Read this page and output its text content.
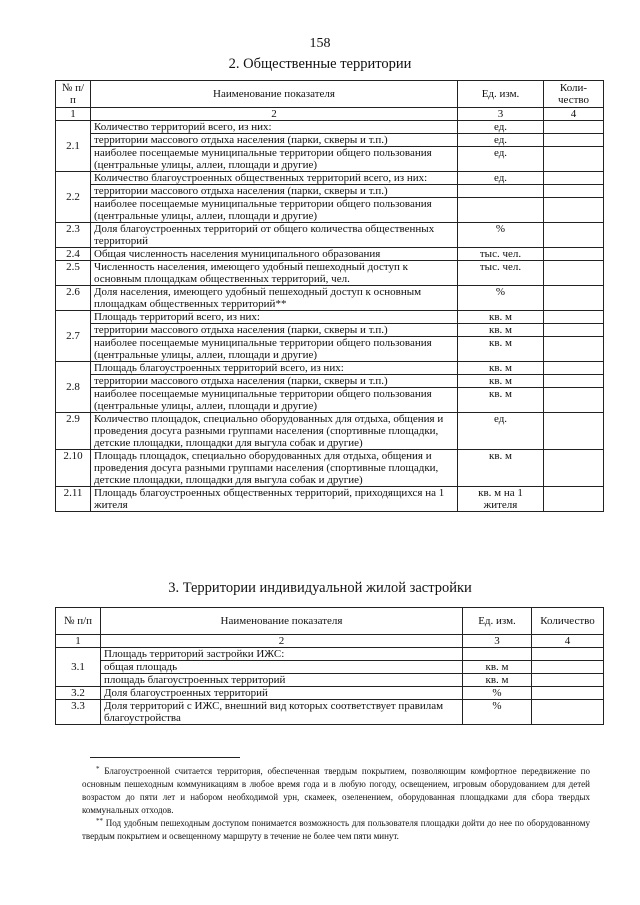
158
2. Общественные территории
№ п/п	Наименование показателя	Ед. изм.	Коли-чество
1	2	3	4
2.1	Количество территорий всего, из них:	ед.	
	территории массового отдыха населения (парки, скверы и т.п.)	ед.	
	наиболее посещаемые муниципальные территории общего пользования (центральные улицы, аллеи, площади и другие)	ед.	
2.2	Количество благоустроенных общественных территорий всего, из них:	ед.	
	территории массового отдыха населения (парки, скверы и т.п.)		
	наиболее посещаемые муниципальные территории общего пользования (центральные улицы, аллеи, площади и другие)		
2.3	Доля благоустроенных территорий от общего количества общественных территорий	%	
2.4	Общая численность населения муниципального образования	тыс. чел.	
2.5	Численность населения, имеющего удобный пешеходный доступ к основным площадкам общественных территорий, чел.	тыс. чел.	
2.6	Доля населения, имеющего удобный пешеходный доступ к основным площадкам общественных территорий**	%	
2.7	Площадь территорий всего, из них:	кв. м	
	территории массового отдыха населения (парки, скверы и т.п.)	кв. м	
	наиболее посещаемые муниципальные территории общего пользования (центральные улицы, аллеи, площади и другие)	кв. м	
2.8	Площадь благоустроенных территорий всего, из них:	кв. м	
	территории массового отдыха населения (парки, скверы и т.п.)	кв. м	
	наиболее посещаемые муниципальные территории общего пользования (центральные улицы, аллеи, площади и другие)	кв. м	
2.9	Количество площадок, специально оборудованных для отдыха, общения и проведения досуга разными группами населения (спортивные площадки, детские площадки, площадки для выгула собак и другие)	ед.	
2.10	Площадь площадок, специально оборудованных для отдыха, общения и проведения досуга разными группами населения (спортивные площадки, детские площадки, площадки для выгула собак и другие)	кв. м	
2.11	Площадь благоустроенных общественных территорий, приходящихся на 1 жителя	кв. м на 1 жителя	
3. Территории индивидуальной жилой застройки
№ п/п	Наименование показателя	Ед. изм.	Количество
1	2	3	4
3.1	Площадь территорий застройки ИЖС:		
	общая площадь	кв. м	
	площадь благоустроенных территорий	кв. м	
3.2	Доля благоустроенных территорий	%	
3.3	Доля территорий с ИЖС, внешний вид которых соответствует правилам благоустройства	%	
* Благоустроенной считается территория, обеспеченная твердым покрытием, позволяющим комфортное передвижение по основным пешеходным коммуникациям в любое время года и в любую погоду, освещением, игровым оборудованием для детей возрастом до пяти лет и набором необходимой урн, скамеек, озеленением, оборудованная площадками для сбора твердых коммунальных отходов.
** Под удобным пешеходным доступом понимается возможность для пользователя площадки дойти до нее по оборудованному твердым покрытием и освещенному маршруту в течение не более чем пяти минут.
